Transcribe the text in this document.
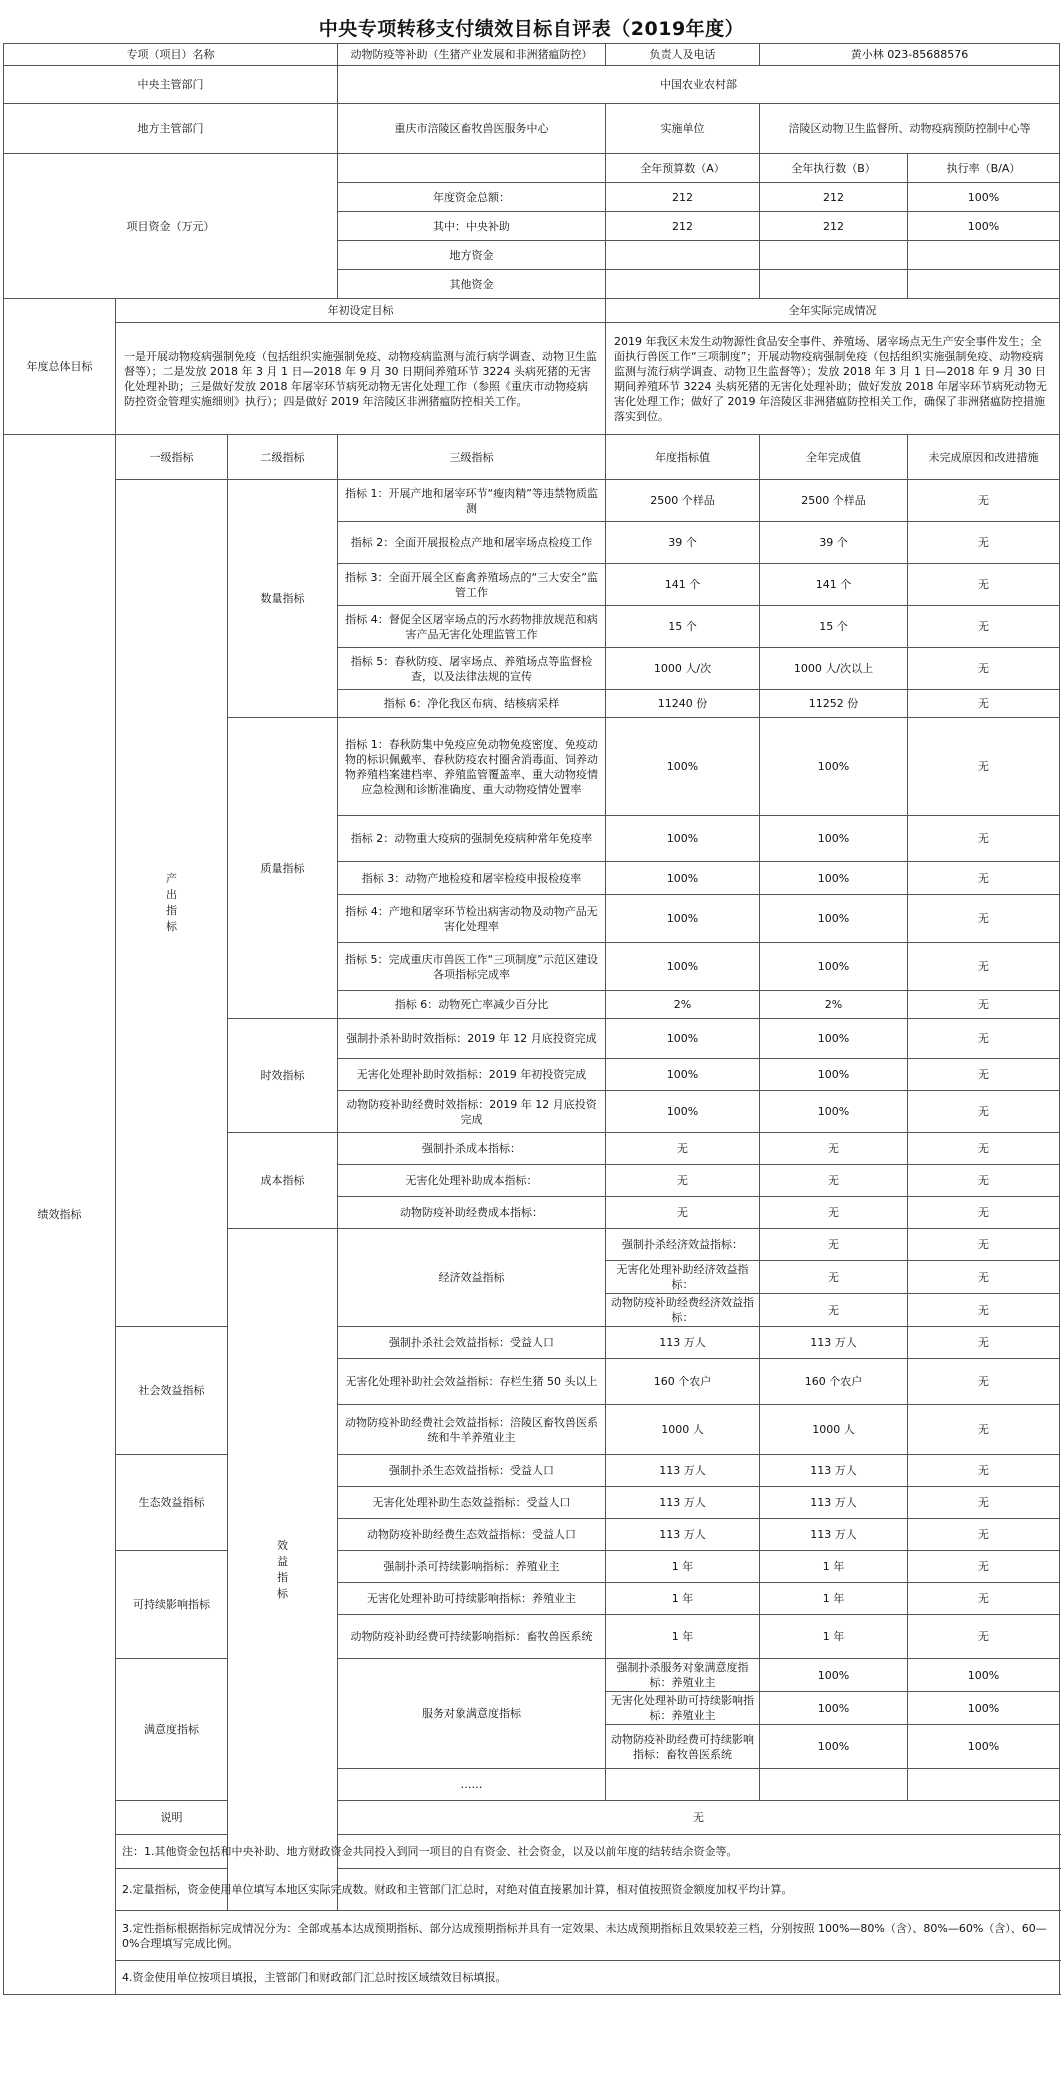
中央专项转移支付绩效目标自评表（2019年度）
专项（项目）名称			动物防疫等补助（生猪产业发展和非洲猪瘟防控）	负责人及电话	黄小林 023-85688576		
中央主管部门			中国农业农村部				
地方主管部门			重庆市涪陵区畜牧兽医服务中心	实施单位	涪陵区动物卫生监督所、动物疫病预防控制中心等		
项目资金（万元）				全年预算数（A）	全年执行数（B）	执行率（B/A）	
			年度资金总额：	212	212	100%	
			其中：中央补助	212	212	100%	
			地方资金				
			其他资金				
年度总体目标	年初设定目标			全年实际完成情况			
	一是开展动物疫病强制免疫（包括组织实施强制免疫、动物疫病监测与流行病学调查、动物卫生监督等）；二是发放 2018 年 3 月 1 日—2018 年 9 月 30 日期间养殖环节 3224 头病死猪的无害化处理补助；三是做好发放 2018 年屠宰环节病死动物无害化处理工作（参照《重庆市动物疫病防控资金管理实施细则》执行）；四是做好 2019 年涪陵区非洲猪瘟防控相关工作。			2019 年我区未发生动物源性食品安全事件、养殖场、屠宰场点无生产安全事件发生；全面执行兽医工作“三项制度”；开展动物疫病强制免疫（包括组织实施强制免疫、动物疫病监测与流行病学调查、动物卫生监督等）；发放 2018 年 3 月 1 日—2018 年 9 月 30 日期间养殖环节 3224 头病死猪的无害化处理补助；做好发放 2018 年屠宰环节病死动物无害化处理工作；做好了 2019 年涪陵区非洲猪瘟防控相关工作，确保了非洲猪瘟防控措施落实到位。			
绩效指标	一级指标	二级指标	三级指标	年度指标值	全年完成值	未完成原因和改进措施	
	产出指标	数量指标	指标 1：开展产地和屠宰环节“瘦肉精”等违禁物质监测	2500 个样品	2500 个样品	无	
			指标 2：全面开展报检点产地和屠宰场点检疫工作	39 个	39 个	无	
			指标 3：全面开展全区畜禽养殖场点的“三大安全”监管工作	141 个	141 个	无	
			指标 4：督促全区屠宰场点的污水药物排放规范和病害产品无害化处理监管工作	15 个	15 个	无	
			指标 5：春秋防疫、屠宰场点、养殖场点等监督检查，以及法律法规的宣传	1000 人/次	1000 人/次以上	无	
			指标 6：净化我区布病、结核病采样	11240 份	11252 份	无	
		质量指标	指标 1：春秋防集中免疫应免动物免疫密度、免疫动物的标识佩戴率、春秋防疫农村圈舍消毒面、饲养动物养殖档案建档率、养殖监管覆盖率、重大动物疫情应急检测和诊断准确度、重大动物疫情处置率	100%	100%	无	
			指标 2：动物重大疫病的强制免疫病种常年免疫率	100%	100%	无	
			指标 3：动物产地检疫和屠宰检疫申报检疫率	100%	100%	无	
			指标 4：产地和屠宰环节检出病害动物及动物产品无害化处理率	100%	100%	无	
			指标 5：完成重庆市兽医工作“三项制度”示范区建设各项指标完成率	100%	100%	无	
			指标 6：动物死亡率减少百分比	2%	2%	无	
		时效指标	强制扑杀补助时效指标：2019 年 12 月底投资完成	100%	100%	无	
			无害化处理补助时效指标：2019 年初投资完成	100%	100%	无	
			动物防疫补助经费时效指标：2019 年 12 月底投资完成	100%	100%	无	
		成本指标	强制扑杀成本指标：	无	无	无	
			无害化处理补助成本指标：	无	无	无	
			动物防疫补助经费成本指标：	无	无	无	
		效益指标	经济效益指标	强制扑杀经济效益指标：	无	无	
				无害化处理补助经济效益指标：	无	无	
				动物防疫补助经费经济效益指标：	无	无	
	社会效益指标		强制扑杀社会效益指标：受益人口	113 万人	113 万人	无	
			无害化处理补助社会效益指标：存栏生猪 50 头以上	160 个农户	160 个农户	无	
			动物防疫补助经费社会效益指标：涪陵区畜牧兽医系统和牛羊养殖业主	1000 人	1000 人	无	
	生态效益指标		强制扑杀生态效益指标：受益人口	113 万人	113 万人	无	
			无害化处理补助生态效益指标：受益人口	113 万人	113 万人	无	
			动物防疫补助经费生态效益指标：受益人口	113 万人	113 万人	无	
	可持续影响指标		强制扑杀可持续影响指标：养殖业主	1 年	1 年	无	
			无害化处理补助可持续影响指标：养殖业主	1 年	1 年	无	
			动物防疫补助经费可持续影响指标：畜牧兽医系统	1 年	1 年	无	
	满意度指标		服务对象满意度指标	强制扑杀服务对象满意度指标：养殖业主	100%	100%	
				无害化处理补助可持续影响指标：养殖业主	100%	100%	
				动物防疫补助经费可持续影响指标：畜牧兽医系统	100%	100%	
			……				
	说明		无				
	注：1.其他资金包括和中央补助、地方财政资金共同投入到同一项目的自有资金、社会资金，以及以前年度的结转结余资金等。						
	2.定量指标，资金使用单位填写本地区实际完成数。财政和主管部门汇总时，对绝对值直接累加计算，相对值按照资金额度加权平均计算。						
	3.定性指标根据指标完成情况分为：全部或基本达成预期指标、部分达成预期指标并具有一定效果、未达成预期指标且效果较差三档，分别按照 100%—80%（含）、80%—60%（含）、60—0%合理填写完成比例。						
	4.资金使用单位按项目填报，主管部门和财政部门汇总时按区域绩效目标填报。						
